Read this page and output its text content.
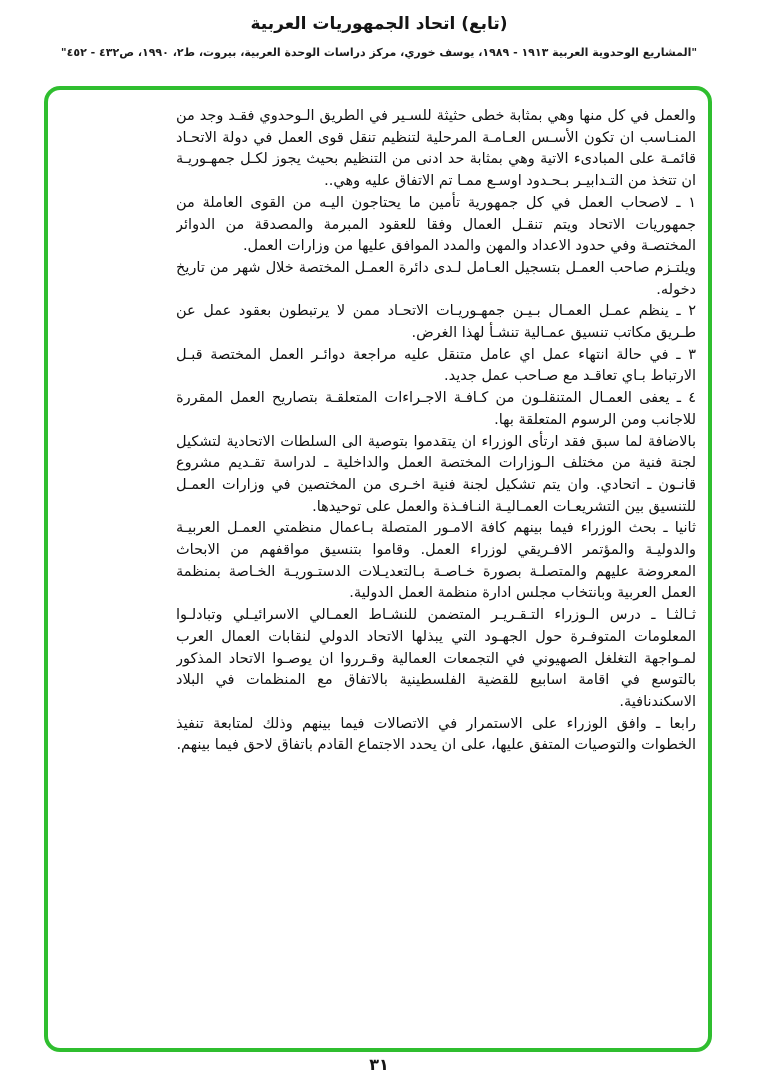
(تابع) اتحاد الجمهوريات العربية
"المشاريع الوحدوية العربية ١٩١٣ - ١٩٨٩، يوسف خوري، مركز دراسات الوحدة العربية، بيروت، ط٢، ١٩٩٠، ص٤٣٢ - ٤٥٢"

والعمل في كل منها وهي بمثابة خطى حثيثة للسـير في الطريق الـوحدوي فقـد وجد من المنـاسب ان تكون الأسـس العـامـة المرحلية لتنظيم تنقل قوى العمل في دولة الاتحـاد قائمـة على المبادىء الاتية وهي بمثابة حد ادنى من التنظيم بحيث يجوز لكـل جمهـوريـة ان تتخذ من التـدابيـر بـحـدود اوسـع ممـا تم الاتفاق عليه وهي..

١ ـ لاصحاب العمل في كل جمهورية تأمين ما يحتاجون اليـه من القوى العاملة من جمهوريات الاتحاد ويتم تنقـل العمال وفقا للعقود المبرمة والمصدقة من الدوائر المختصـة وفي حدود الاعداد والمهن والمدد الموافق عليها من وزارات العمل.

ويلتـزم صاحب العمـل بتسجيل العـامل لـدى دائرة العمـل المختصة خلال شهر من تاريخ دخوله.

٢ ـ ينظم عمـل العمـال بـيـن جمهـوريـات الاتحـاد ممن لا يرتبطون بعقود عمل عن طـريق مكاتب تنسيق عمـالية تنشـأ لهذا الغرض.

٣ ـ في حالة انتهاء عمل اي عامل متنقل عليه مراجعة دوائـر العمل المختصة قبـل الارتباط بـاي تعاقـد مع صـاحب عمل جديد.

٤ ـ يعفى العمـال المتنقلـون من كـافـة الاجـراءات المتعلقـة بتصاريح العمل المقررة للاجانب ومن الرسوم المتعلقة بها.

بالاضافة لما سبق فقد ارتأى الوزراء ان يتقدموا بتوصية الى السلطات الاتحادية لتشكيل لجنة فنية من مختلف الـوزارات المختصة العمل والداخلية ـ لدراسة تقـديم مشروع قانـون ـ اتحادي. وان يتم تشكيل لجنة فنية اخـرى من المختصين في وزارات العمـل للتنسيق بين التشريعـات العمـاليـة النـافـذة والعمل على توحيدها.

ثانيا ـ بحث الوزراء فيما بينهم كافة الامـور المتصلة بـاعمال منظمتي العمـل العربيـة والدوليـة والمؤتمر الافـريقي لوزراء العمل. وقاموا بتنسيق مواقفهم من الابحاث المعروضة عليهم والمتصلـة بصورة خـاصـة بـالتعديـلات الدستـوريـة الخـاصة بمنظمة العمل العربية وبانتخاب مجلس ادارة منظمة العمل الدولية.

ثـالثـا ـ درس الـوزراء التـقـريـر المتضمن للنشـاط العمـالي الاسرائيـلي وتبادلـوا المعلومات المتوفـرة حول الجهـود التي يبذلها الاتحاد الدولي لنقابات العمال العرب لمـواجهة التغلغل الصهيوني في التجمعات العمالية وقـرروا ان يوصـوا الاتحاد المذكور بالتوسع في اقامة اسابيع للقضية الفلسطينية بالاتفاق مع المنظمات في البلاد الاسكندنافية.

رابعا ـ وافق الوزراء على الاستمرار في الاتصالات فيما بينهم وذلك لمتابعة تنفيذ الخطوات والتوصيات المتفق عليها، على ان يحدد الاجتماع القادم باتفاق لاحق فيما بينهم.

٣١
